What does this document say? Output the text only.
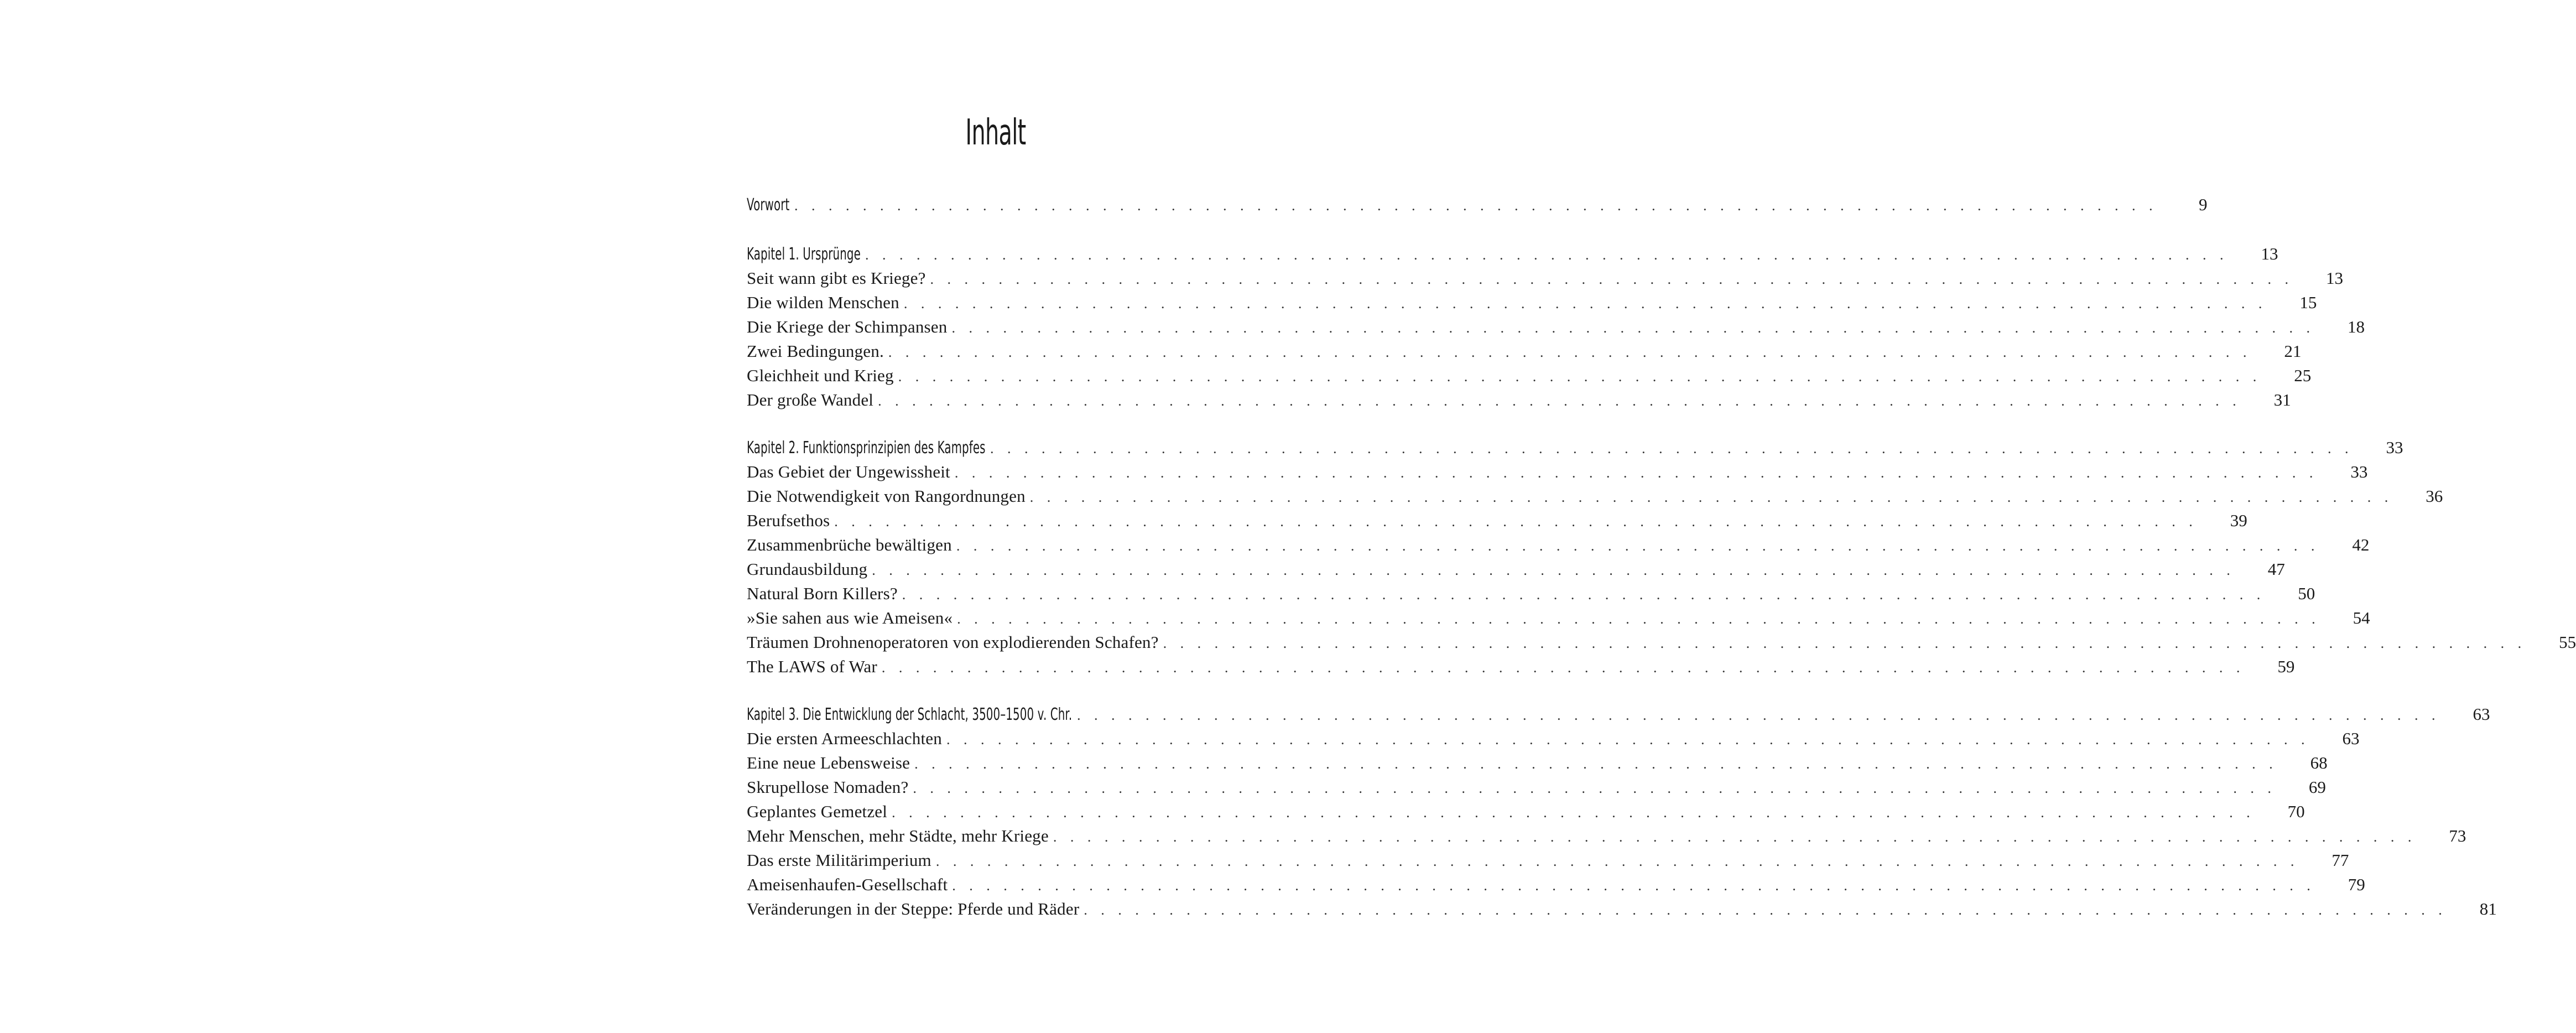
Inhalt
Vorwort . . . . . . . . . . . . . . . . . . . . . . . . . . . . . . . . . . . . . . . . . . . . . . . . . . . . . . . . . . . . . . . . . . . . . . . . . . . . . . . .	9
Kapitel 1. Ursprünge . . . . . . . . . . . . . . . . . . . . . . . . . . . . . . . . . . . . . . . . . . . . . . . . . . . . . . . . . . . . . . . . . . . . . . . . . . . . . . . .	13
Seit wann gibt es Kriege? . . . . . . . . . . . . . . . . . . . . . . . . . . . . . . . . . . . . . . . . . . . . . . . . . . . . . . . . . . . . . . . . . . . . . . . . . . . . . . . .	13
Die wilden Menschen . . . . . . . . . . . . . . . . . . . . . . . . . . . . . . . . . . . . . . . . . . . . . . . . . . . . . . . . . . . . . . . . . . . . . . . . . . . . . . . .	15
Die Kriege der Schimpansen . . . . . . . . . . . . . . . . . . . . . . . . . . . . . . . . . . . . . . . . . . . . . . . . . . . . . . . . . . . . . . . . . . . . . . . . . . . . . . . .	18
Zwei Bedingungen. . . . . . . . . . . . . . . . . . . . . . . . . . . . . . . . . . . . . . . . . . . . . . . . . . . . . . . . . . . . . . . . . . . . . . . . . . . . . . . . .	21
Gleichheit und Krieg . . . . . . . . . . . . . . . . . . . . . . . . . . . . . . . . . . . . . . . . . . . . . . . . . . . . . . . . . . . . . . . . . . . . . . . . . . . . . . . .	25
Der große Wandel . . . . . . . . . . . . . . . . . . . . . . . . . . . . . . . . . . . . . . . . . . . . . . . . . . . . . . . . . . . . . . . . . . . . . . . . . . . . . . . .	31
Kapitel 2. Funktionsprinzipien des Kampfes . . . . . . . . . . . . . . . . . . . . . . . . . . . . . . . . . . . . . . . . . . . . . . . . . . . . . . . . . . . . . . . . . . . . . . . . . . . . . . . .	33
Das Gebiet der Ungewissheit . . . . . . . . . . . . . . . . . . . . . . . . . . . . . . . . . . . . . . . . . . . . . . . . . . . . . . . . . . . . . . . . . . . . . . . . . . . . . . . .	33
Die Notwendigkeit von Rangordnungen . . . . . . . . . . . . . . . . . . . . . . . . . . . . . . . . . . . . . . . . . . . . . . . . . . . . . . . . . . . . . . . . . . . . . . . . . . . . . . . .	36
Berufsethos . . . . . . . . . . . . . . . . . . . . . . . . . . . . . . . . . . . . . . . . . . . . . . . . . . . . . . . . . . . . . . . . . . . . . . . . . . . . . . . .	39
Zusammenbrüche bewältigen . . . . . . . . . . . . . . . . . . . . . . . . . . . . . . . . . . . . . . . . . . . . . . . . . . . . . . . . . . . . . . . . . . . . . . . . . . . . . . . .	42
Grundausbildung . . . . . . . . . . . . . . . . . . . . . . . . . . . . . . . . . . . . . . . . . . . . . . . . . . . . . . . . . . . . . . . . . . . . . . . . . . . . . . . .	47
Natural Born Killers? . . . . . . . . . . . . . . . . . . . . . . . . . . . . . . . . . . . . . . . . . . . . . . . . . . . . . . . . . . . . . . . . . . . . . . . . . . . . . . . .	50
»Sie sahen aus wie Ameisen« . . . . . . . . . . . . . . . . . . . . . . . . . . . . . . . . . . . . . . . . . . . . . . . . . . . . . . . . . . . . . . . . . . . . . . . . . . . . . . . .	54
Träumen Drohnenoperatoren von explodierenden Schafen? . . . . . . . . . . . . . . . . . . . . . . . . . . . . . . . . . . . . . . . . . . . . . . . . . . . . . . . . . . . . . . . . . . . . . . . . . . . . . . . .	55
The LAWS of War . . . . . . . . . . . . . . . . . . . . . . . . . . . . . . . . . . . . . . . . . . . . . . . . . . . . . . . . . . . . . . . . . . . . . . . . . . . . . . . .	59
Kapitel 3. Die Entwicklung der Schlacht, 3500–1500 v. Chr. . . . . . . . . . . . . . . . . . . . . . . . . . . . . . . . . . . . . . . . . . . . . . . . . . . . . . . . . . . . . . . . . . . . . . . . . . . . . . . . .	63
Die ersten Armeeschlachten . . . . . . . . . . . . . . . . . . . . . . . . . . . . . . . . . . . . . . . . . . . . . . . . . . . . . . . . . . . . . . . . . . . . . . . . . . . . . . . .	63
Eine neue Lebensweise . . . . . . . . . . . . . . . . . . . . . . . . . . . . . . . . . . . . . . . . . . . . . . . . . . . . . . . . . . . . . . . . . . . . . . . . . . . . . . . .	68
Skrupellose Nomaden? . . . . . . . . . . . . . . . . . . . . . . . . . . . . . . . . . . . . . . . . . . . . . . . . . . . . . . . . . . . . . . . . . . . . . . . . . . . . . . . .	69
Geplantes Gemetzel . . . . . . . . . . . . . . . . . . . . . . . . . . . . . . . . . . . . . . . . . . . . . . . . . . . . . . . . . . . . . . . . . . . . . . . . . . . . . . . .	70
Mehr Menschen, mehr Städte, mehr Kriege . . . . . . . . . . . . . . . . . . . . . . . . . . . . . . . . . . . . . . . . . . . . . . . . . . . . . . . . . . . . . . . . . . . . . . . . . . . . . . . .	73
Das erste Militärimperium . . . . . . . . . . . . . . . . . . . . . . . . . . . . . . . . . . . . . . . . . . . . . . . . . . . . . . . . . . . . . . . . . . . . . . . . . . . . . . . .	77
Ameisenhaufen-Gesellschaft . . . . . . . . . . . . . . . . . . . . . . . . . . . . . . . . . . . . . . . . . . . . . . . . . . . . . . . . . . . . . . . . . . . . . . . . . . . . . . . .	79
Veränderungen in der Steppe: Pferde und Räder . . . . . . . . . . . . . . . . . . . . . . . . . . . . . . . . . . . . . . . . . . . . . . . . . . . . . . . . . . . . . . . . . . . . . . . . . . . . . . . .	81
